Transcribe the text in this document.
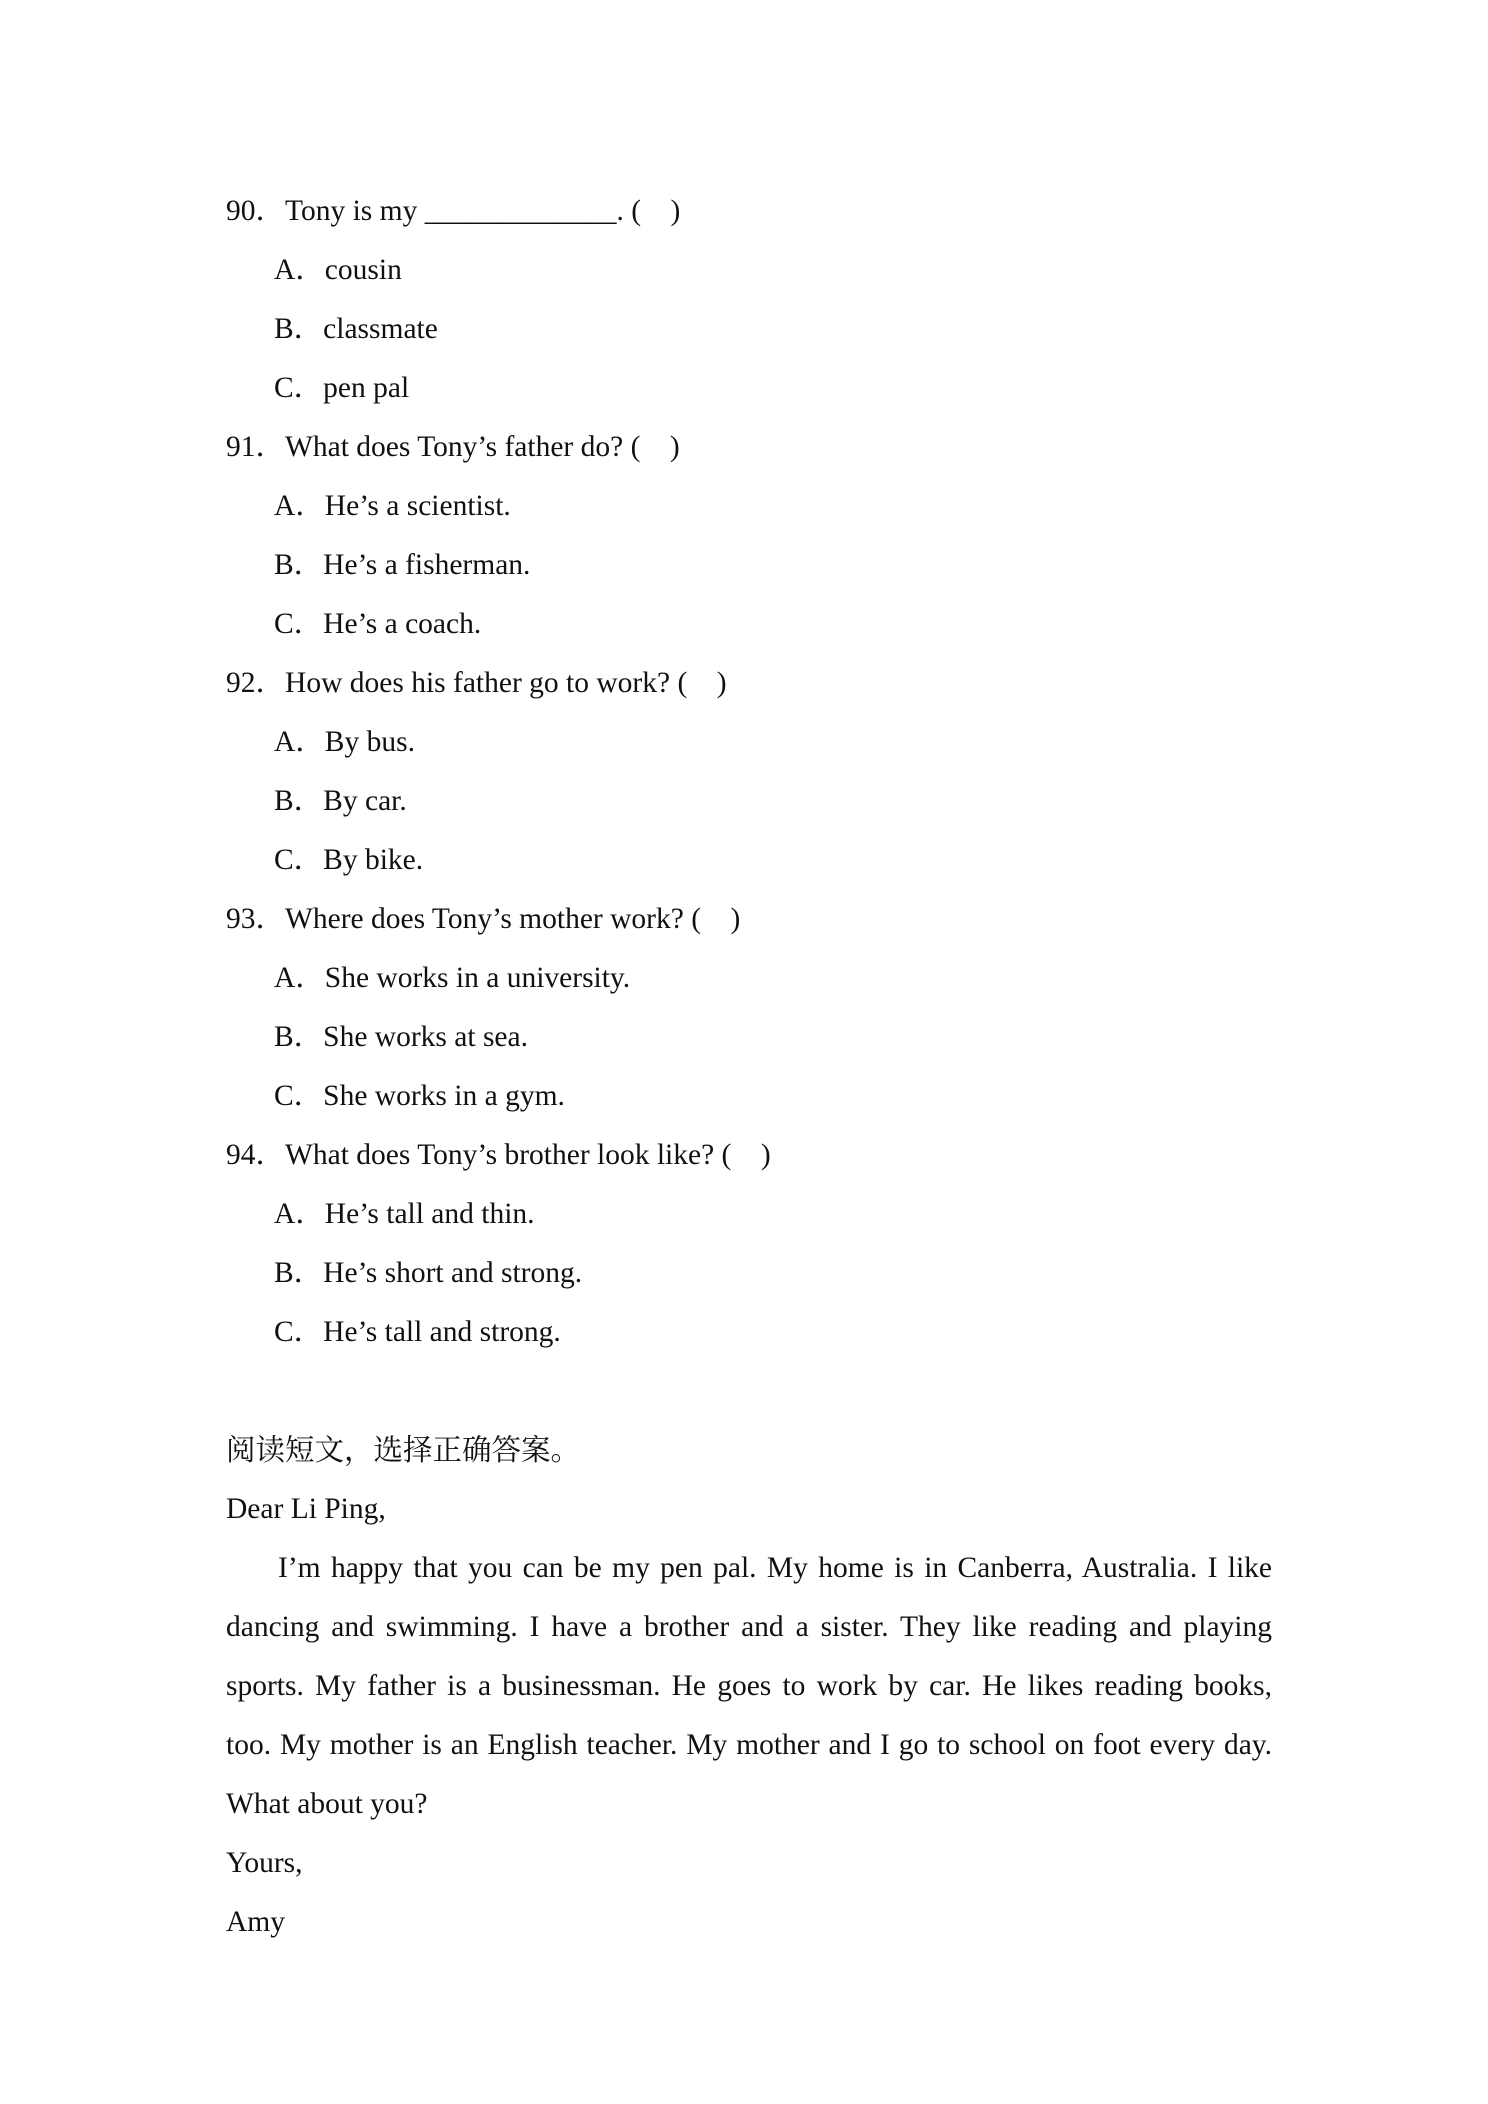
90．Tony is my _____________. (    )
A．cousin
B．classmate
C．pen pal
91．What does Tony’s father do? (    )
A．He’s a scientist.
B．He’s a fisherman.
C．He’s a coach.
92．How does his father go to work? (    )
A．By bus.
B．By car.
C．By bike.
93．Where does Tony’s mother work? (    )
A．She works in a university.
B．She works at sea.
C．She works in a gym.
94．What does Tony’s brother look like? (    )
A．He’s tall and thin.
B．He’s short and strong.
C．He’s tall and strong.
阅读短文，选择正确答案。
Dear Li Ping,
I’m happy that you can be my pen pal. My home is in Canberra, Australia. I like
dancing and swimming. I have a brother and a sister. They like reading and playing
sports. My father is a businessman. He goes to work by car. He likes reading books,
too. My mother is an English teacher. My mother and I go to school on foot every day.
What about you?
Yours,
Amy
